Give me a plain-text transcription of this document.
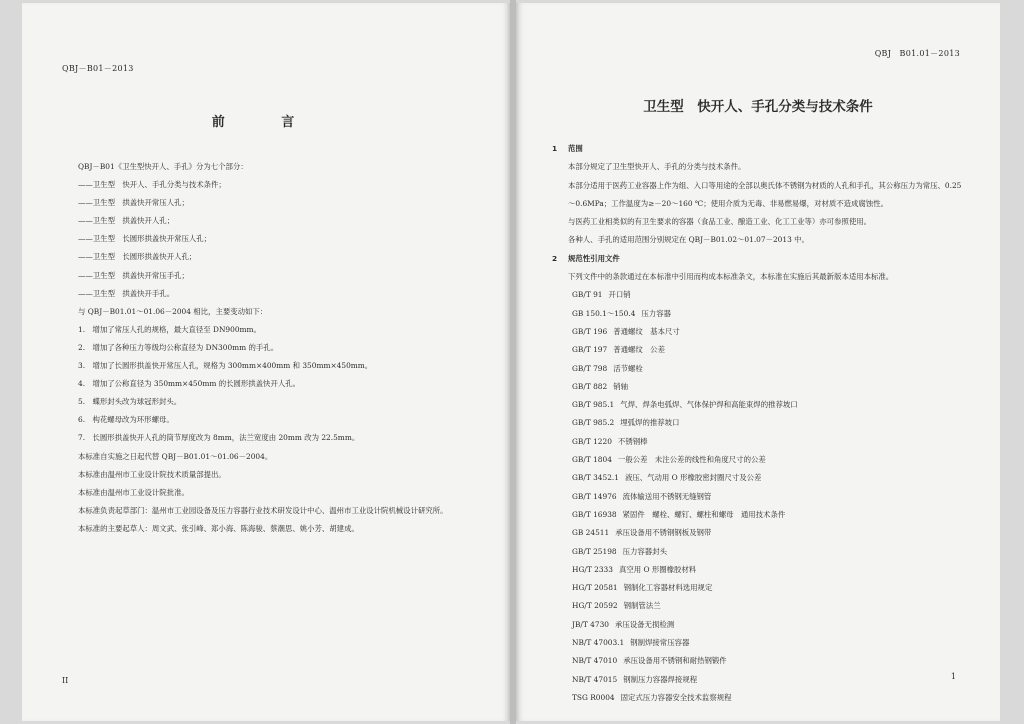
QBJ－B01－2013
前 言

QBJ－B01《卫生型快开人、手孔》分为七个部分：

——卫生型　快开人、手孔分类与技术条件；

——卫生型　拱盖快开常压人孔；

——卫生型　拱盖快开人孔；

——卫生型　长圆形拱盖快开常压人孔；

——卫生型　长圆形拱盖快开人孔；

——卫生型　拱盖快开常压手孔；

——卫生型　拱盖快开手孔。

与 QBJ－B01.01～01.06－2004 相比，主要变动如下：

1.　增加了常压人孔的规格，最大直径至 DN900mm。

2.　增加了各种压力等级均公称直径为 DN300mm 的手孔。

3.　增加了长圆形拱盖快开常压人孔，规格为 300mm×400mm 和 350mm×450mm。

4.　增加了公称直径为 350mm×450mm 的长圆形拱盖快开人孔。

5.　蝶形封头改为球冠形封头。

6.　构花螺母改为环形螺母。

7.　长圆形拱盖快开人孔的筒节厚度改为 8mm，法兰宽度由 20mm 改为 22.5mm。

本标准自实施之日起代替 QBJ－B01.01～01.06－2004。

本标准由温州市工业设计院技术质量部提出。

本标准由温州市工业设计院批准。

本标准负责起草部门：温州市工业园设备及压力容器行业技术研发设计中心、温州市工业设计院机械设计研究所。

本标准的主要起草人：周文武、张引峰、郑小海、陈海骏、蔡潮思、姚小芳、胡建成。

II
QBJ　B01.01－2013
卫生型　快开人、手孔分类与技术条件

1 范围

本部分规定了卫生型快开人、手孔的分类与技术条件。

本部分适用于医药工业容器上作为组、入口等用途的全部以奥氏体不锈钢为材质的人孔和手孔，其公称压力为常压、0.25～0.6MPa；工作温度为≥－20～160 ℃；使用介质为无毒、非易燃易爆，对材质不造成腐蚀性。

与医药工业相类似的有卫生要求的容器（食品工业、酿造工业、化工工业等）亦可参照使用。

各种人、手孔的适用范围分别规定在 QBJ－B01.02～01.07－2013 中。

2 规范性引用文件

下列文件中的条款通过在本标准中引用而构成本标准条文，本标准在实施后其最新版本适用本标准。

GB/T 91 开口销

GB 150.1～150.4 压力容器

GB/T 196 普通螺纹　基本尺寸

GB/T 197 普通螺纹　公差

GB/T 798 活节螺栓

GB/T 882 销轴

GB/T 985.1 气焊、焊条电弧焊、气体保护焊和高能束焊的推荐坡口

GB/T 985.2 埋弧焊的推荐坡口

GB/T 1220 不锈钢棒

GB/T 1804 一般公差　未注公差的线性和角度尺寸的公差

GB/T 3452.1 液压、气动用 O 形橡胶密封圈尺寸及公差

GB/T 14976 流体输送用不锈钢无缝钢管

GB/T 16938 紧固件　螺栓、螺钉、螺柱和螺母　通用技术条件

GB 24511 承压设备用不锈钢钢板及钢带

GB/T 25198 压力容器封头

HG/T 2333 真空用 O 形圈橡胶材料

HG/T 20581 钢制化工容器材料选用规定

HG/T 20592 钢制管法兰

JB/T 4730 承压设备无损检测

NB/T 47003.1 钢制焊接常压容器

NB/T 47010 承压设备用不锈钢和耐热钢锻件

NB/T 47015 钢制压力容器焊接规程

TSG R0004 固定式压力容器安全技术监察规程

1
